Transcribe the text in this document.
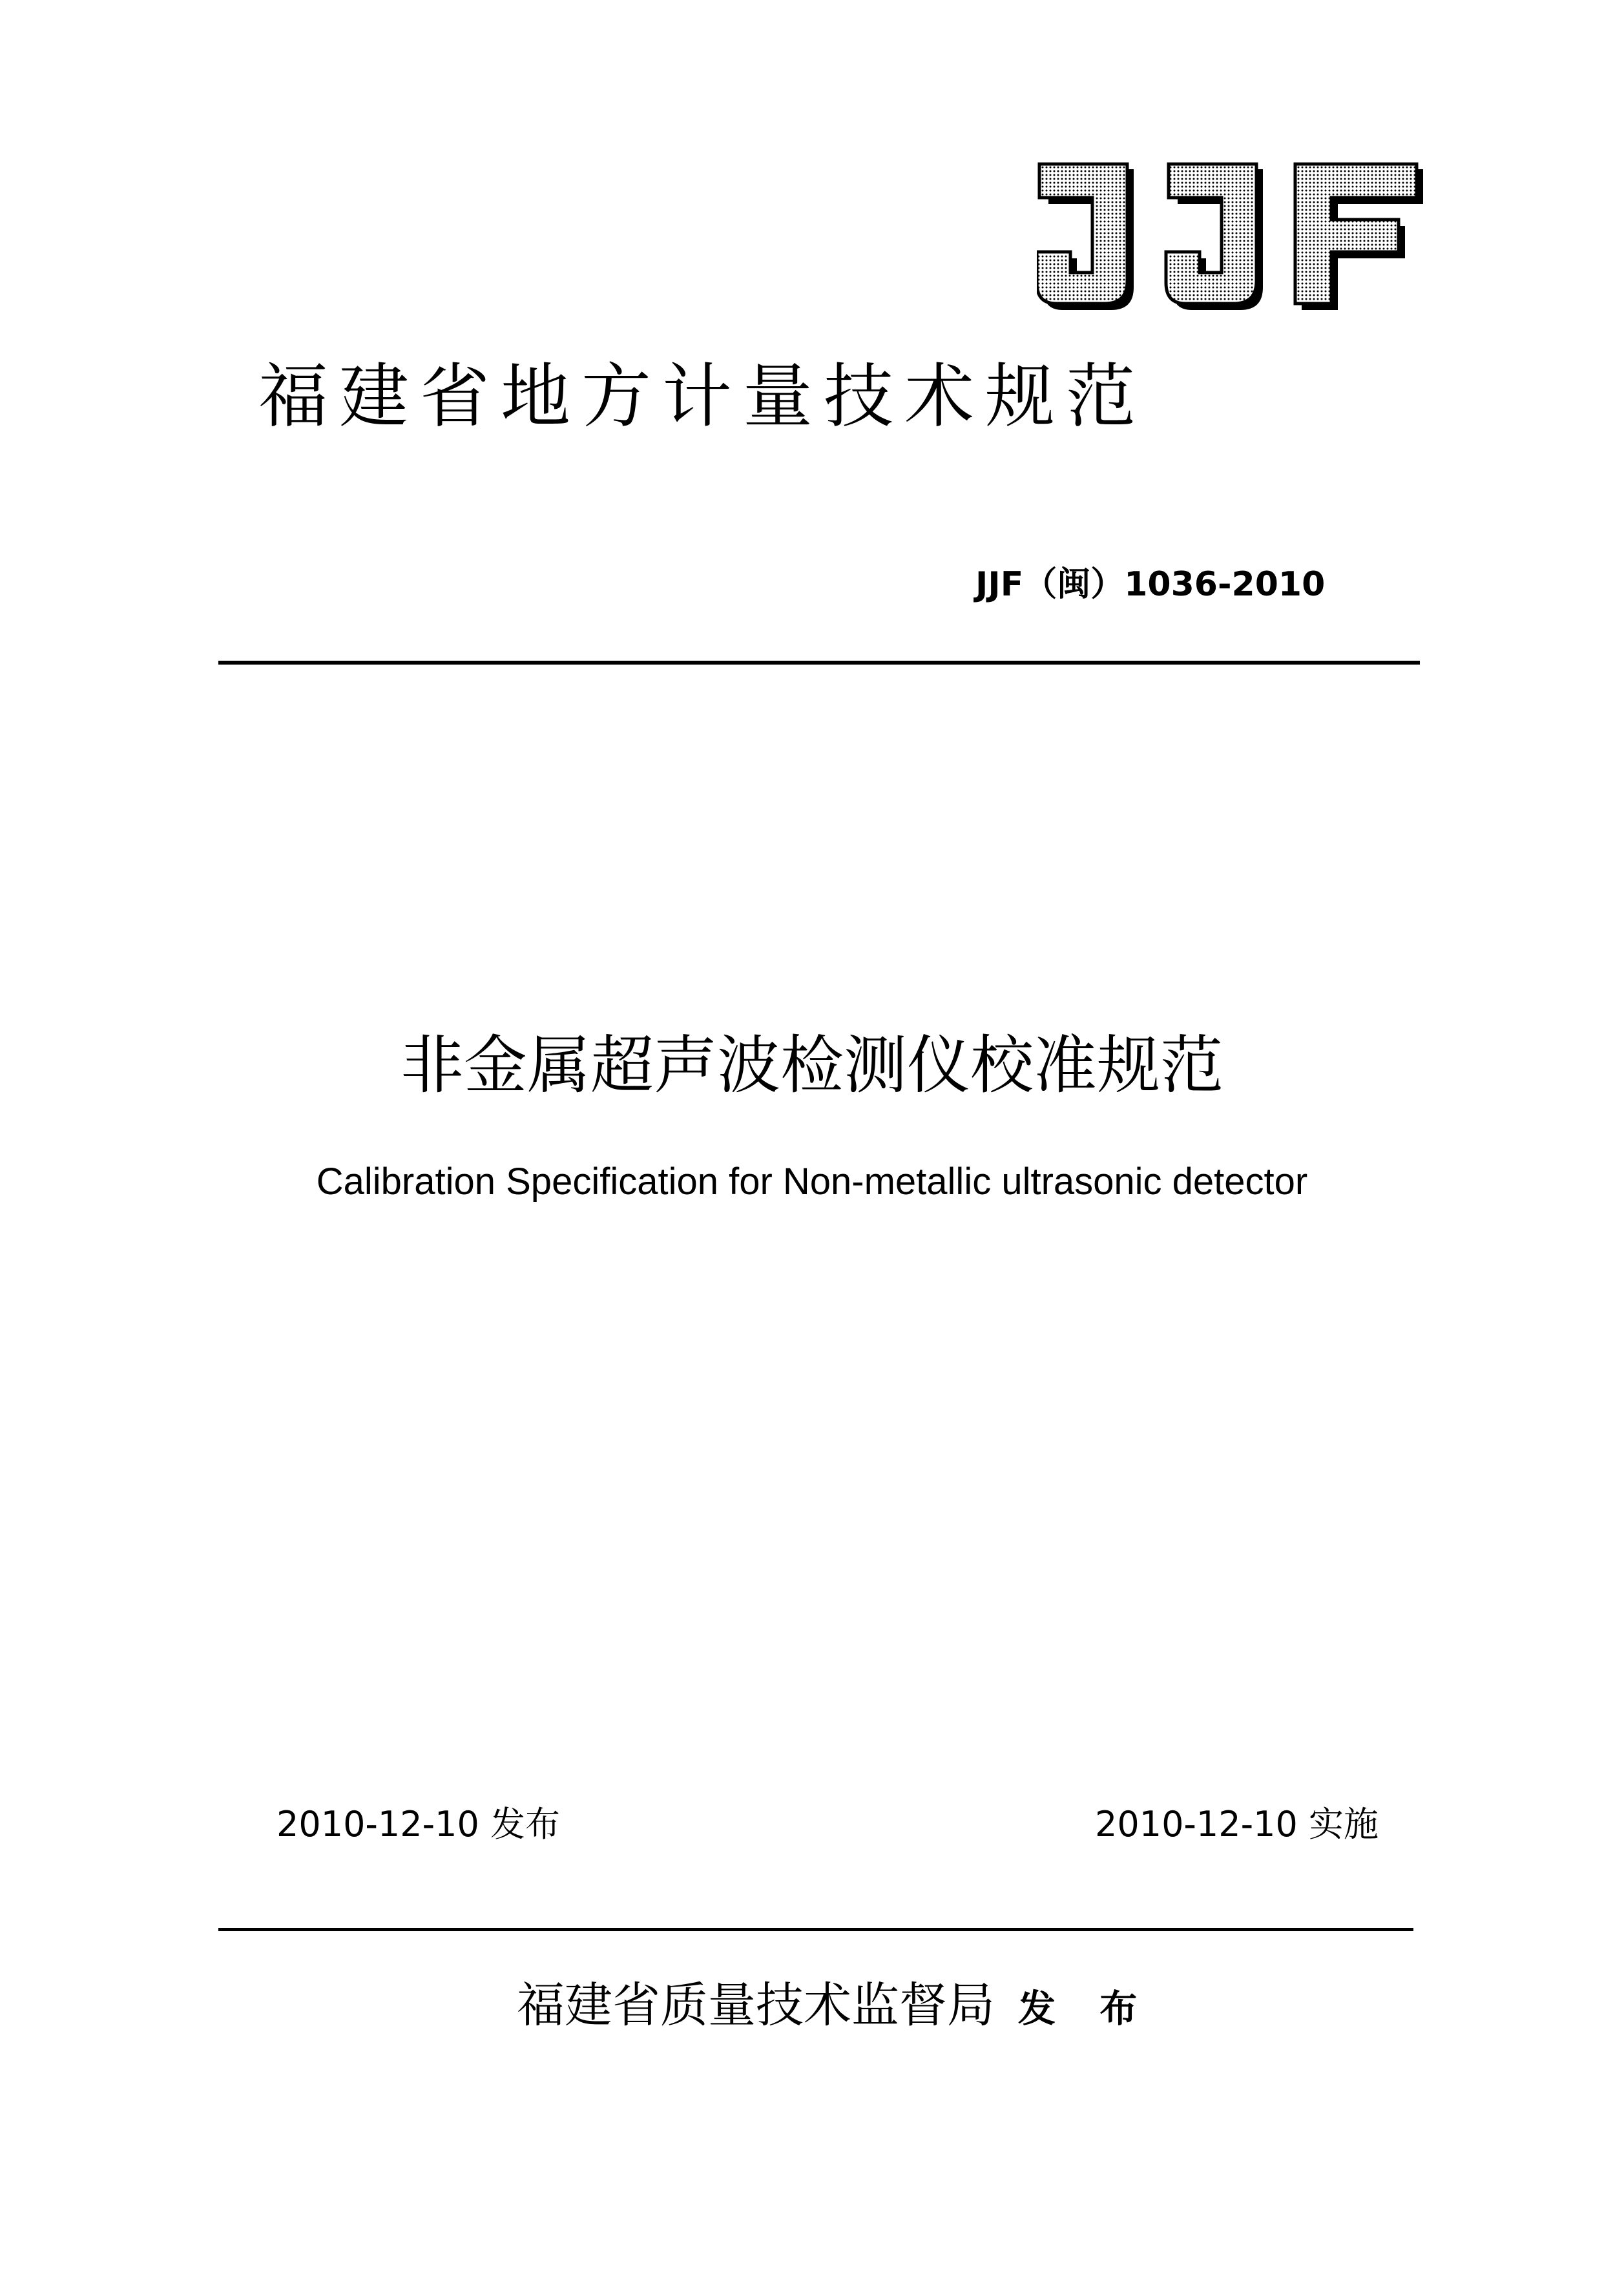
福建省地方计量技术规范
JJF（闽）1036-2010
非金属超声波检测仪校准规范
Calibration Specification for Non-metallic ultrasonic detector
2010-12-10 发布	2010-12-10 实施
福建省质量技术监督局 发 布
